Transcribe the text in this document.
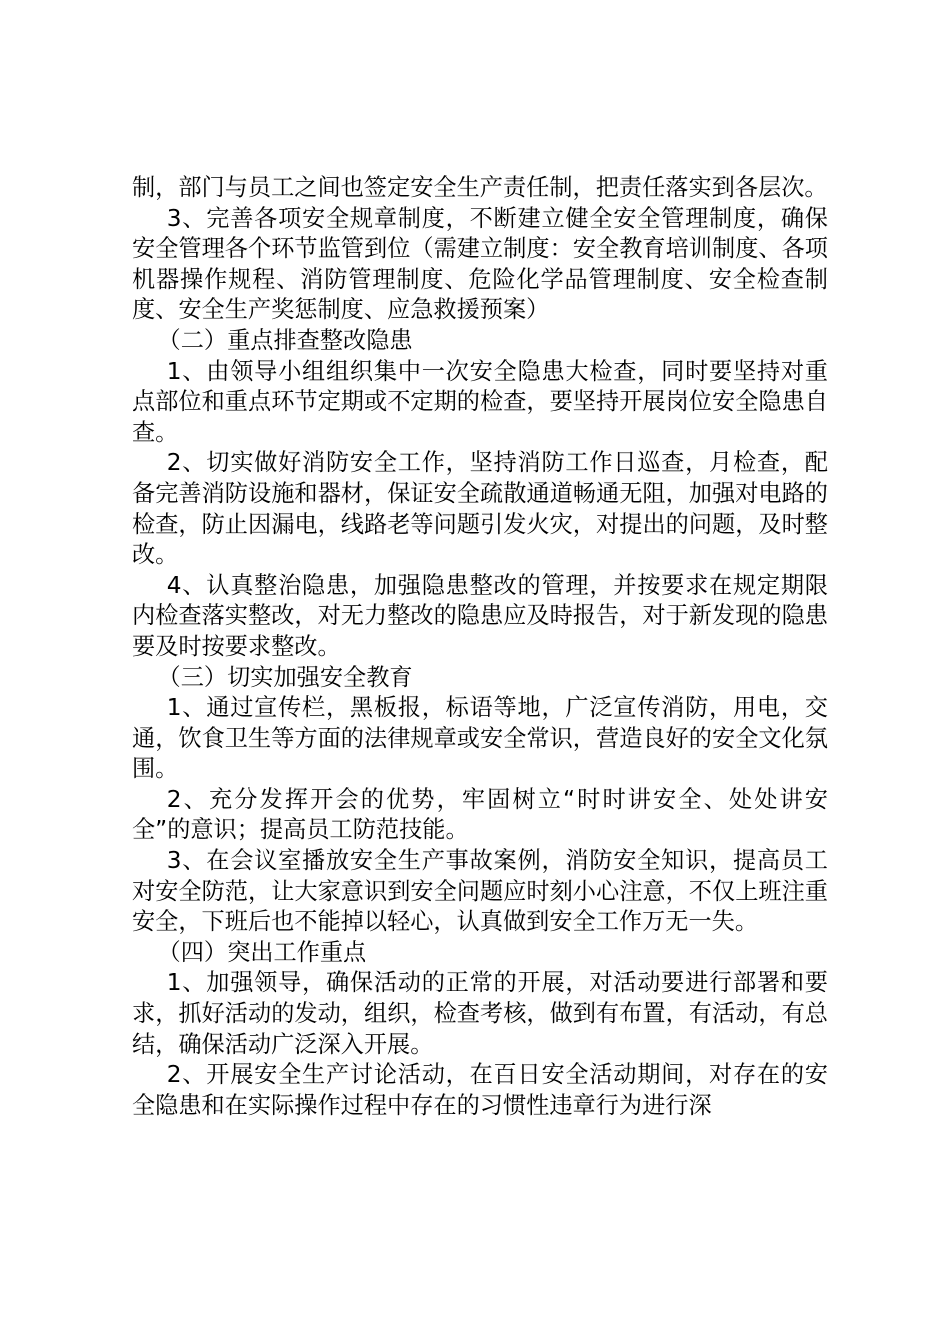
制，部门与员工之间也签定安全生产责任制，把责任落实到各层次。

3、完善各项安全规章制度，不断建立健全安全管理制度，确保安全管理各个环节监管到位（需建立制度：安全教育培训制度、各项机器操作规程、消防管理制度、危险化学品管理制度、安全检查制度、安全生产奖惩制度、应急救援预案）

（二）重点排查整改隐患

1、由领导小组组织集中一次安全隐患大检查，同时要坚持对重点部位和重点环节定期或不定期的检查，要坚持开展岗位安全隐患自查。

2、切实做好消防安全工作，坚持消防工作日巡查，月检查，配备完善消防设施和器材，保证安全疏散通道畅通无阻，加强对电路的检查，防止因漏电，线路老等问题引发火灾，对提出的问题，及时整改。

4、认真整治隐患，加强隐患整改的管理，并按要求在规定期限内检查落实整改，对无力整改的隐患应及時报告，对于新发现的隐患要及时按要求整改。

（三）切实加强安全教育

1、通过宣传栏，黑板报，标语等地，广泛宣传消防，用电，交通，饮食卫生等方面的法律规章或安全常识，营造良好的安全文化氛围。

2、充分发挥开会的优势，牢固树立“时时讲安全、处处讲安全”的意识；提高员工防范技能。

3、在会议室播放安全生产事故案例，消防安全知识，提高员工对安全防范，让大家意识到安全问题应时刻小心注意，不仅上班注重安全，下班后也不能掉以轻心，认真做到安全工作万无一失。

（四）突出工作重点

1、加强领导，确保活动的正常的开展，对活动要进行部署和要求，抓好活动的发动，组织，检查考核，做到有布置，有活动，有总结，确保活动广泛深入开展。

2、开展安全生产讨论活动，在百日安全活动期间，对存在的安全隐患和在实际操作过程中存在的习惯性违章行为进行深
